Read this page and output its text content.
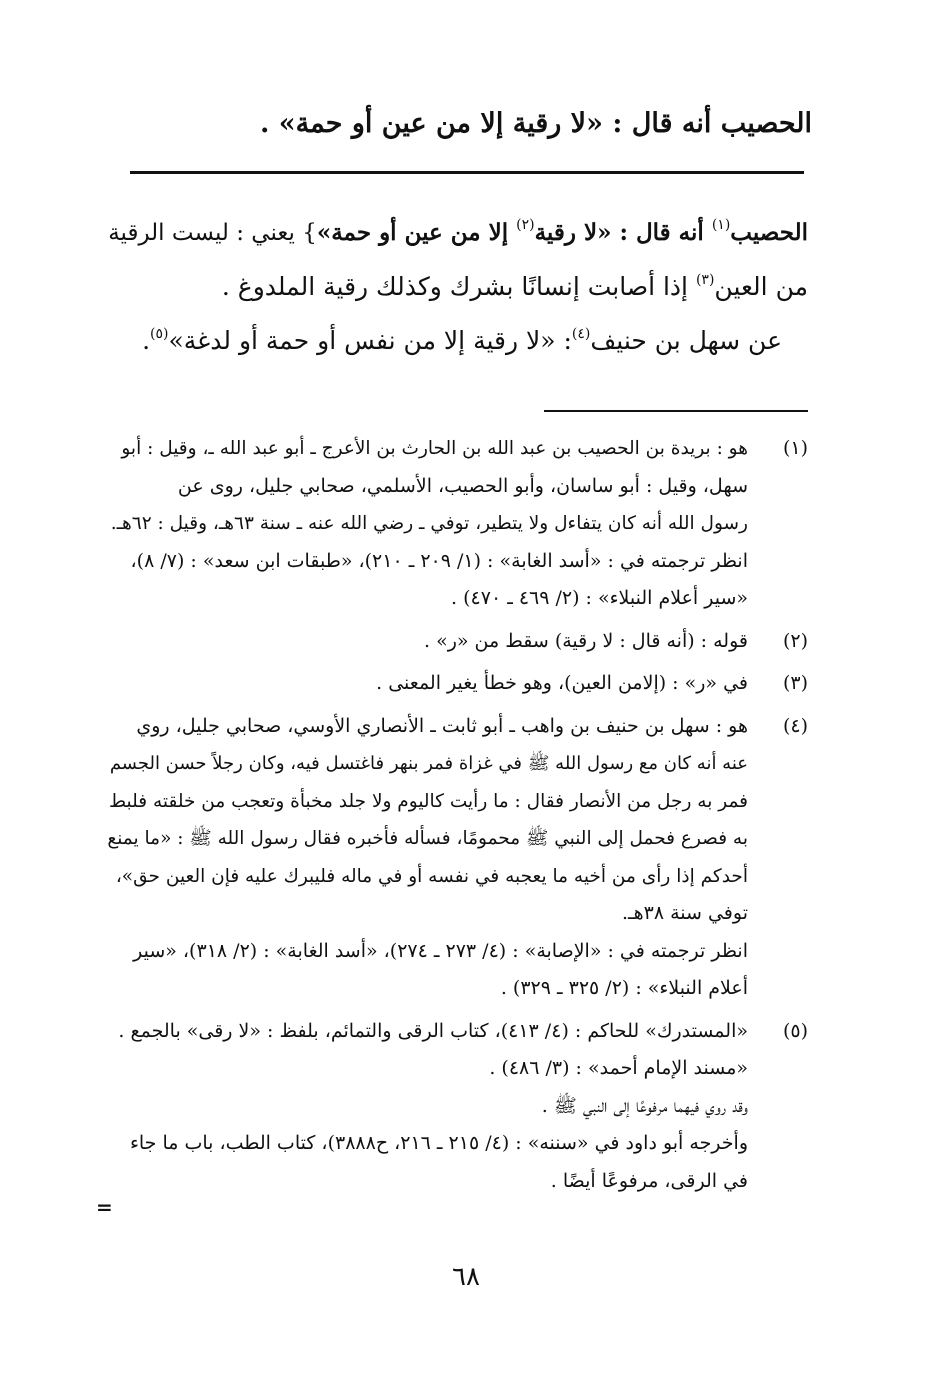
الحصيب أنه قال : «لا رقية إلا من عين أو حمة» .
الحصيب$^{(١)}$ أنه قال : «لا رقية$^{(٢)}$ إلا من عين أو حمة»} يعني : ليست الرقية
من العين$^{(٣)}$ إذا أصابت إنسانًا بشرك وكذلك رقية الملدوغ .
عن سهل بن حنيف$^{(٤)}$: «لا رقية إلا من نفس أو حمة أو لدغة»$^{(٥)}$.
(١)
هو : بريدة بن الحصيب بن عبد الله بن الحارث بن الأعرج ـ أبو عبد الله ـ، وقيل : أبو
سهل، وقيل : أبو ساسان، وأبو الحصيب، الأسلمي، صحابي جليل، روى عن
رسول الله أنه كان يتفاءل ولا يتطير، توفي ـ رضي الله عنه ـ سنة ٦٣هـ، وقيل : ٦٢هـ.
انظر ترجمته في : «أسد الغابة» : (١/ ٢٠٩ ـ ٢١٠)، «طبقات ابن سعد» : (٧/ ٨)،
«سير أعلام النبلاء» : (٢/ ٤٦٩ ـ ٤٧٠) .
(٢)
قوله : (أنه قال : لا رقية) سقط من «ر» .
(٣)
في «ر» : (إلامن العين)، وهو خطأ يغير المعنى .
(٤)
هو : سهل بن حنيف بن واهب ـ أبو ثابت ـ الأنصاري الأوسي، صحابي جليل، روي
عنه أنه كان مع رسول الله ﷺ في غزاة فمر بنهر فاغتسل فيه، وكان رجلاً حسن الجسم
فمر به رجل من الأنصار فقال : ما رأيت كاليوم ولا جلد مخبأة وتعجب من خلقته فلبط
به فصرع فحمل إلى النبي ﷺ محمومًا، فسأله فأخبره فقال رسول الله ﷺ : «ما يمنع
أحدكم إذا رأى من أخيه ما يعجبه في نفسه أو في ماله فليبرك عليه فإن العين حق»،
توفي سنة ٣٨هـ.
انظر ترجمته في : «الإصابة» : (٤/ ٢٧٣ ـ ٢٧٤)، «أسد الغابة» : (٢/ ٣١٨)، «سير
أعلام النبلاء» : (٢/ ٣٢٥ ـ ٣٢٩) .
(٥)
«المستدرك» للحاكم : (٤/ ٤١٣)، كتاب الرقى والتمائم، بلفظ : «لا رقى» بالجمع .
«مسند الإمام أحمد» : (٣/ ٤٨٦) .
وقد روي فيهما مرفوعًا إلى النبي ﷺ .
وأخرجه أبو داود في «سننه» : (٤/ ٢١٥ ـ ٢١٦، ح٣٨٨٨)، كتاب الطب، باب ما جاء
في الرقى، مرفوعًا أيضًا .
=
٦٨
